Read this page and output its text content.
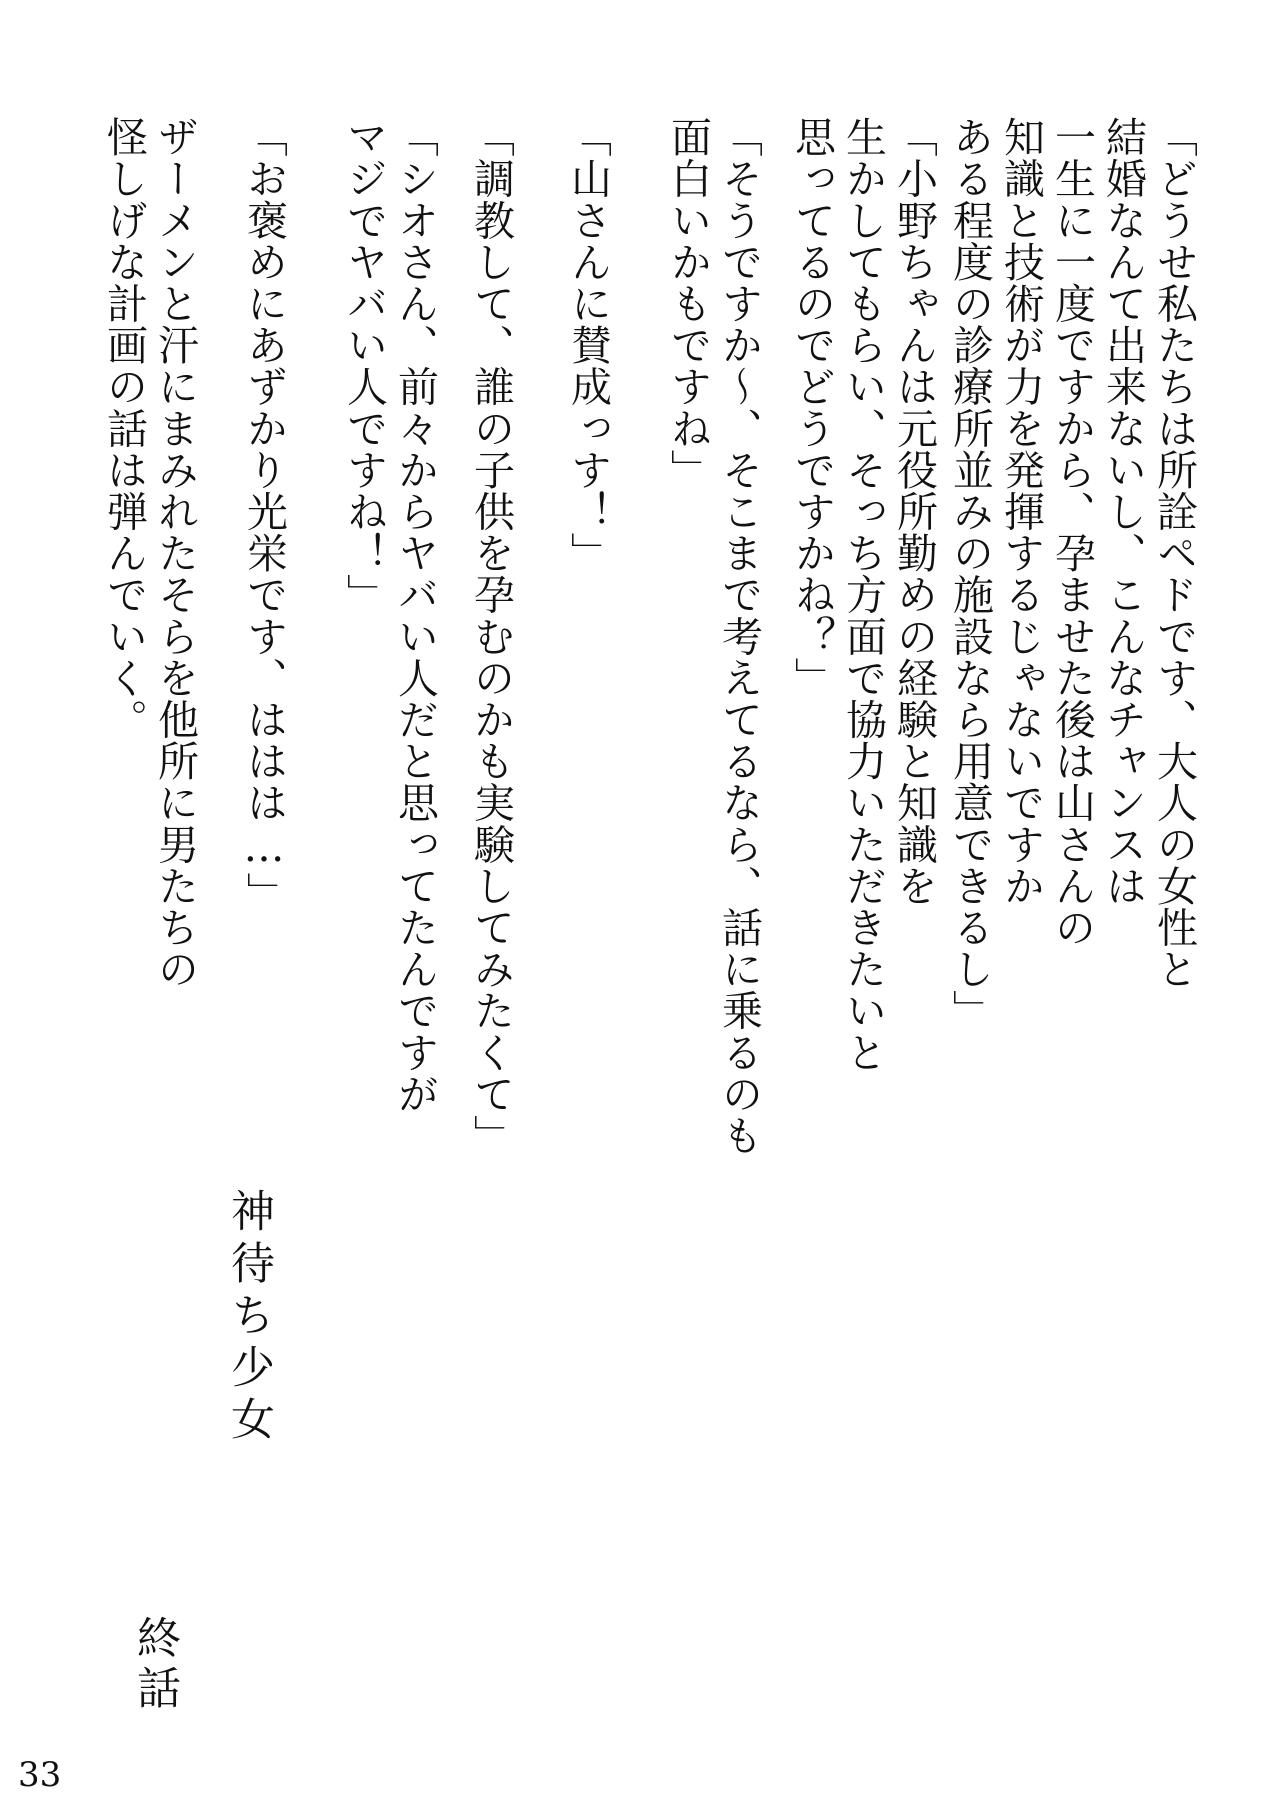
「どうせ私たちは所詮ペドです、大人の女性と
結婚なんて出来ないし、こんなチャンスは
一生に一度ですから、孕ませた後は山さんの
知識と技術が力を発揮するじゃないですか
ある程度の診療所並みの施設なら用意できるし」
「小野ちゃんは元役所勤めの経験と知識を
生かしてもらい、そっち方面で協力いただきたいと
思ってるのでどうですかね？」
「そうですか～、そこまで考えてるなら、話に乗るのも
面白いかもですね」
「山さんに賛成っす！」
「調教して、誰の子供を孕むのかも実験してみたくて」
「シオさん、前々からヤバい人だと思ってたんですが
マジでヤバい人ですね！」
「お褒めにあずかり光栄です、ははは…」
ザーメンと汗にまみれたそらを他所に男たちの
怪しげな計画の話は弾んでいく。
神待ち少女
終話
33
